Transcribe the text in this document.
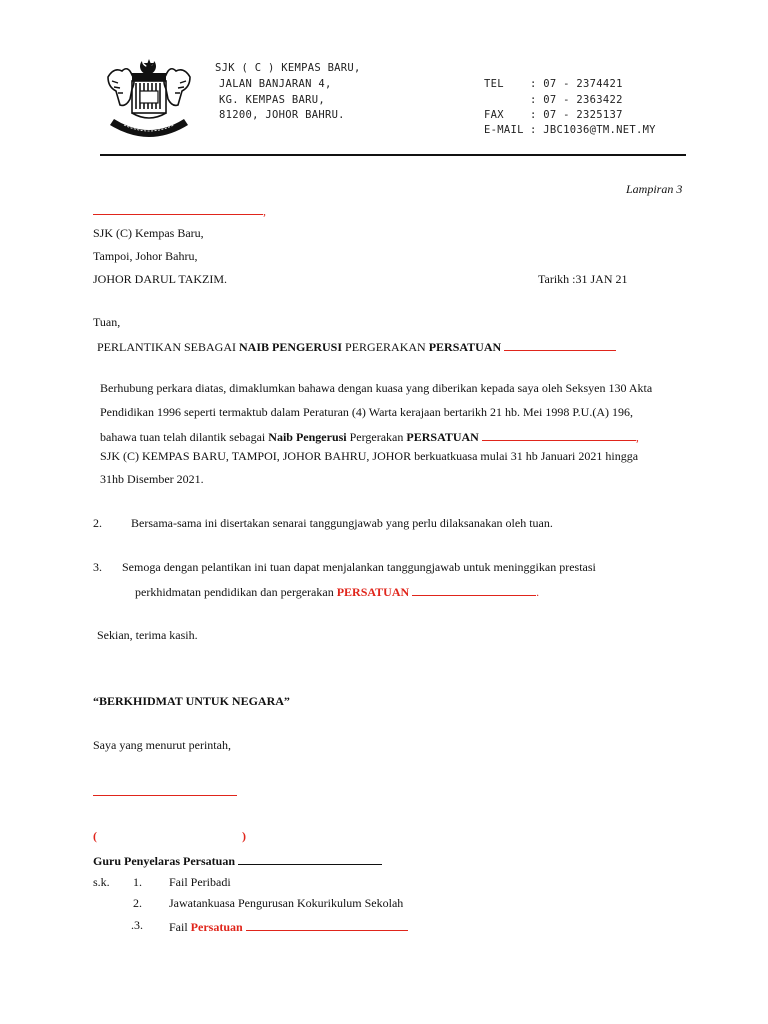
SJK ( C ) KEMPAS BARU,
JALAN BANJARAN 4,
KG. KEMPAS BARU,
81200, JOHOR BAHRU.
TEL : 07 - 2374421
: 07 - 2363422
FAX : 07 - 2325137
E-MAIL : JBC1036@TM.NET.MY
Lampiran 3
,
SJK (C) Kempas Baru,
Tampoi, Johor Bahru,
JOHOR DARUL TAKZIM.	Tarikh :31 JAN 21
Tuan,
PERLANTIKAN SEBAGAI NAIB PENGERUSI PERGERAKAN PERSATUAN
Berhubung perkara diatas, dimaklumkan bahawa dengan kuasa yang diberikan kepada saya oleh Seksyen 130 Akta
Pendidikan 1996 seperti termaktub dalam Peraturan (4) Warta kerajaan bertarikh 21 hb. Mei 1998 P.U.(A) 196,
bahawa tuan telah dilantik sebagai Naib Pengerusi Pergerakan PERSATUAN	,
SJK (C) KEMPAS BARU, TAMPOI, JOHOR BAHRU, JOHOR berkuatkuasa mulai 31 hb Januari 2021 hingga
31hb Disember 2021.
2. Bersama-sama ini disertakan senarai tanggungjawab yang perlu dilaksanakan oleh tuan.
3. Semoga dengan pelantikan ini tuan dapat menjalankan tanggungjawab untuk meninggikan prestasi
perkhidmatan pendidikan dan pergerakan PERSATUAN	.
Sekian, terima kasih.
“BERKHIDMAT UNTUK NEGARA”
Saya yang menurut perintah,
(	)
Guru Penyelaras Persatuan
s.k. 1. Fail Peribadi
2. Jawatankuasa Pengurusan Kokurikulum Sekolah
.3. Fail Persatuan
